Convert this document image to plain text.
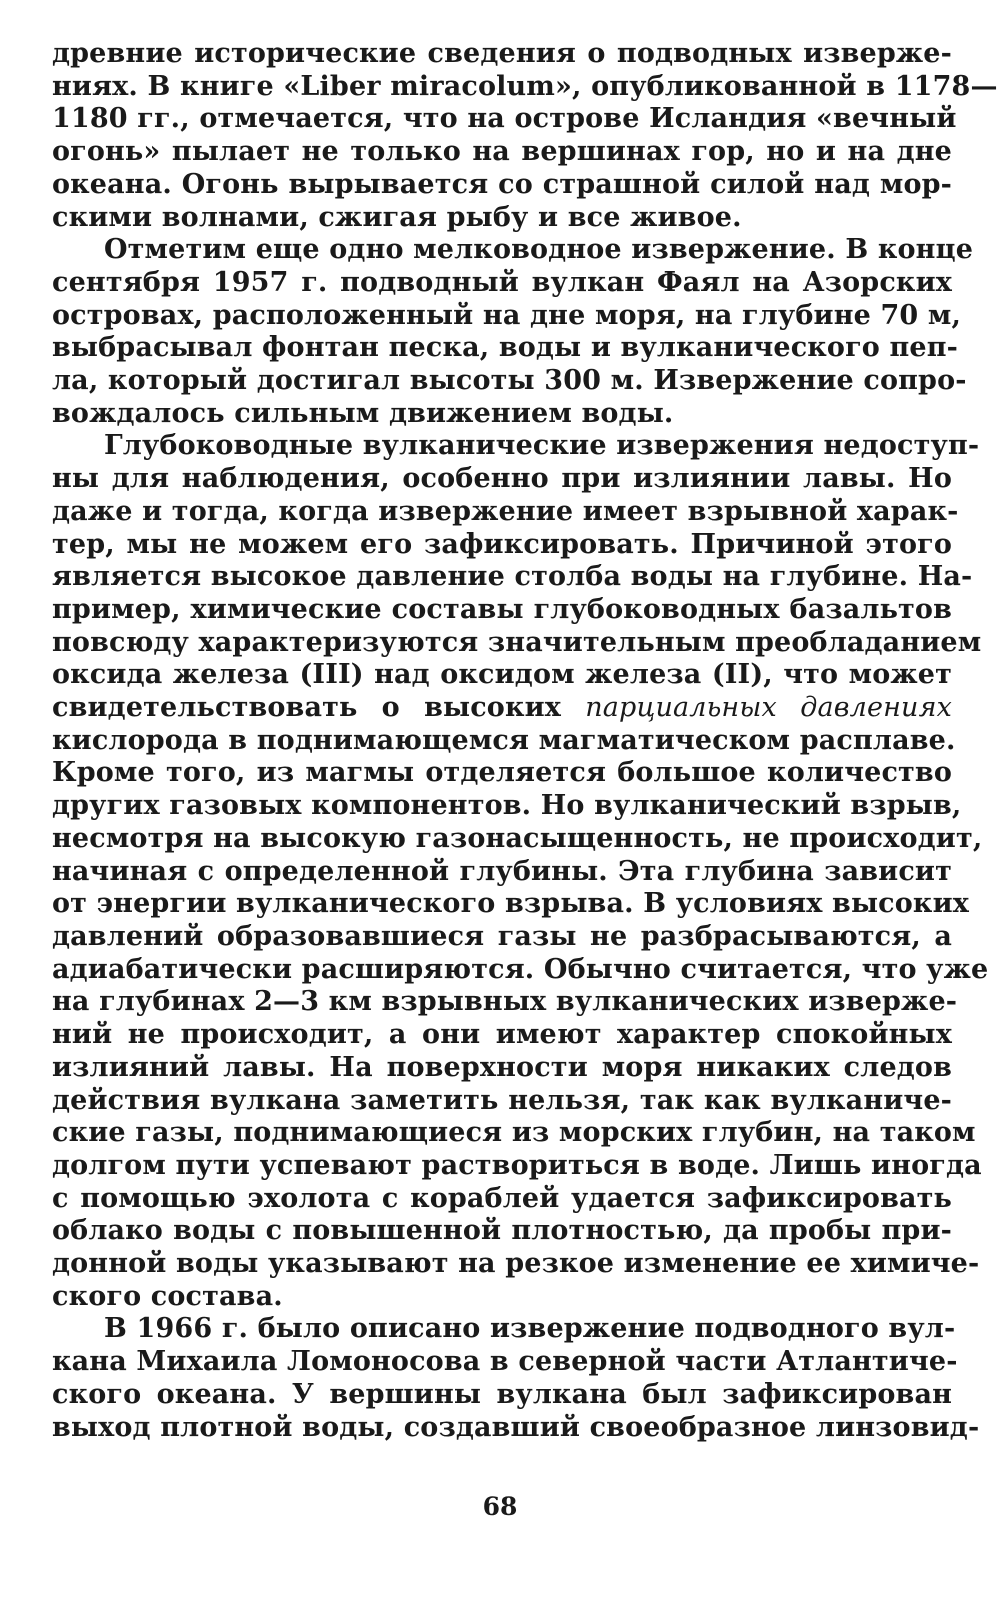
древние исторические сведения о подводных изверже-
ниях. В книге «Liber miracolum», опубликованной в 1178—
1180 гг., отмечается, что на острове Исландия «вечный
огонь» пылает не только на вершинах гор, но и на дне
океана. Огонь вырывается со страшной силой над мор-
скими волнами, сжигая рыбу и все живое.
Отметим еще одно мелководное извержение. В конце
сентября 1957 г. подводный вулкан Фаял на Азорских
островах, расположенный на дне моря, на глубине 70 м,
выбрасывал фонтан песка, воды и вулканического пеп-
ла, который достигал высоты 300 м. Извержение сопро-
вождалось сильным движением воды.
Глубоководные вулканические извержения недоступ-
ны для наблюдения, особенно при излиянии лавы. Но
даже и тогда, когда извержение имеет взрывной харак-
тер, мы не можем его зафиксировать. Причиной этого
является высокое давление столба воды на глубине. На-
пример, химические составы глубоководных базальтов
повсюду характеризуются значительным преобладанием
оксида железа (III) над оксидом железа (II), что может
свидетельствовать о высоких парциальных давлениях
кислорода в поднимающемся магматическом расплаве.
Кроме того, из магмы отделяется большое количество
других газовых компонентов. Но вулканический взрыв,
несмотря на высокую газонасыщенность, не происходит,
начиная с определенной глубины. Эта глубина зависит
от энергии вулканического взрыва. В условиях высоких
давлений образовавшиеся газы не разбрасываются, а
адиабатически расширяются. Обычно считается, что уже
на глубинах 2—3 км взрывных вулканических изверже-
ний не происходит, а они имеют характер спокойных
излияний лавы. На поверхности моря никаких следов
действия вулкана заметить нельзя, так как вулканиче-
ские газы, поднимающиеся из морских глубин, на таком
долгом пути успевают раствориться в воде. Лишь иногда
с помощью эхолота с кораблей удается зафиксировать
облако воды с повышенной плотностью, да пробы при-
донной воды указывают на резкое изменение ее химиче-
ского состава.
В 1966 г. было описано извержение подводного вул-
кана Михаила Ломоносова в северной части Атлантиче-
ского океана. У вершины вулкана был зафиксирован
выход плотной воды, создавший своеобразное линзовид-
68
